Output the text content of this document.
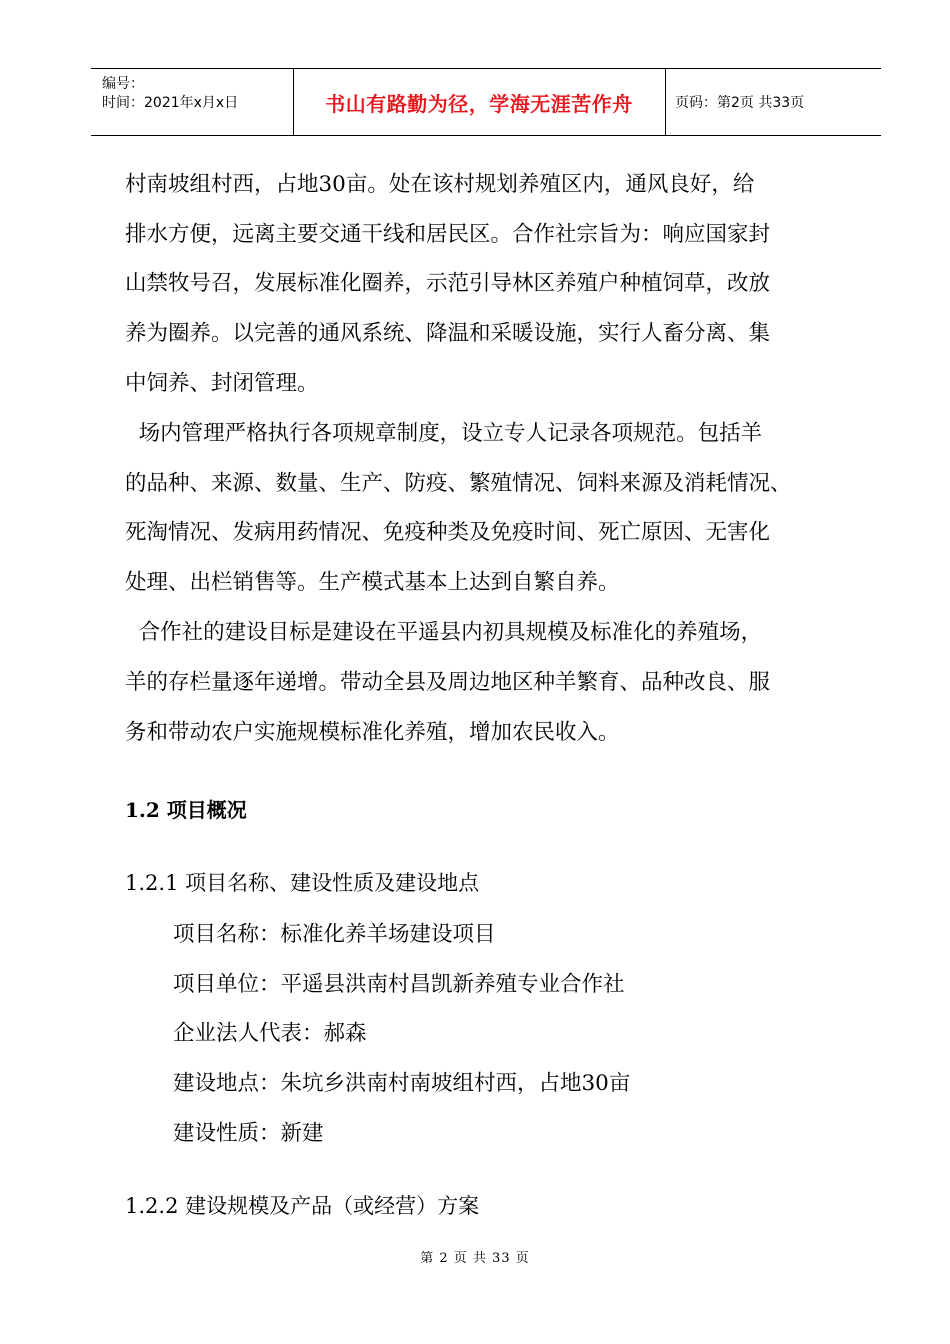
编号：
时间：2021年x月x日	书山有路勤为径，学海无涯苦作舟	页码：第2页 共33页

村南坡组村西，占地30亩。处在该村规划养殖区内，通风良好，给

排水方便，远离主要交通干线和居民区。合作社宗旨为：响应国家封

山禁牧号召，发展标准化圈养，示范引导林区养殖户种植饲草，改放

养为圈养。以完善的通风系统、降温和采暖设施，实行人畜分离、集

中饲养、封闭管理。

场内管理严格执行各项规章制度，设立专人记录各项规范。包括羊

的品种、来源、数量、生产、防疫、繁殖情况、饲料来源及消耗情况、

死淘情况、发病用药情况、免疫种类及免疫时间、死亡原因、无害化

处理、出栏销售等。生产模式基本上达到自繁自养。

合作社的建设目标是建设在平遥县内初具规模及标准化的养殖场，

羊的存栏量逐年递增。带动全县及周边地区种羊繁育、品种改良、服

务和带动农户实施规模标准化养殖，增加农民收入。

1.2 项目概况
1.2.1 项目名称、建设性质及建设地点

项目名称：标准化养羊场建设项目

项目单位：平遥县洪南村昌凯新养殖专业合作社

企业法人代表：郝森

建设地点：朱坑乡洪南村南坡组村西，占地30亩

建设性质：新建

1.2.2 建设规模及产品（或经营）方案
第 2 页 共 33 页
